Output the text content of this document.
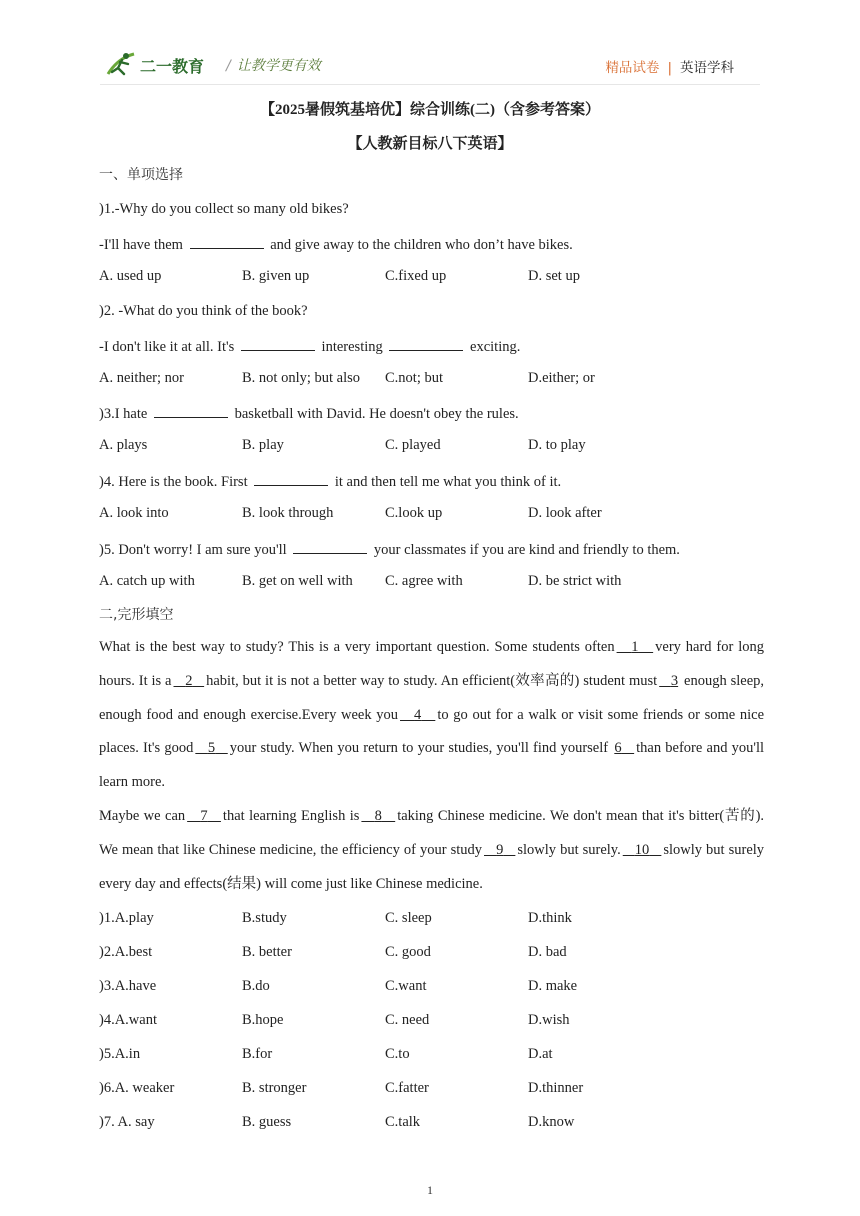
二一教育 / 让教学更有效	精品试卷 | 英语学科
【2025暑假筑基培优】综合训练(二)（含参考答案）
【人教新目标八下英语】
一、单项选择
)1.-Why do you collect so many old bikes?
-I'll have them	and give away to the children who don’t have bikes.
A. used up	B. given up	C.fixed up	D. set up
)2. -What do you think of the book?
-I don't like it at all. It's	interesting	exciting.
A. neither; nor	B. not only; but also C.not; but	D.either; or
)3.I hate	basketball with David. He doesn't obey the rules.
A. plays	B. play	C. played	D. to play
)4. Here is the book. First	it and then tell me what you think of it.
A. look into	B. look through	C.look up	D. look after
)5. Don't worry! I am sure you'll	your classmates if you are kind and friendly to them.
A. catch up with	B. get on well with C. agree with	D. be strict with
二,完形填空
What is the best way to study? This is a very important question. Some students often 1 very hard for long hours. It is a 2 habit, but it is not a better way to study. An efficient(效率高的) student must 3 enough sleep, enough food and enough exercise.Every week you 4 to go out for a walk or visit some friends or some nice places. It's good 5 your study. When you return to your studies, you'll find yourself 6 than before and you'll learn more.
Maybe we can 7 that learning English is 8 taking Chinese medicine. We don't mean that it's bitter(苦的). We mean that like Chinese medicine, the efficiency of your study 9 slowly but surely. 10 slowly but surely every day and effects(结果) will come just like Chinese medicine.
)1.A.play	B.study	C. sleep	D.think
)2.A.best	B. better	C. good	D. bad
)3.A.have	B.do	C.want	D. make
)4.A.want	B.hope	C. need	D.wish
)5.A.in	B.for	C.to	D.at
)6.A. weaker	B. stronger	C.fatter	D.thinner
)7. A. say	B. guess	C.talk	D.know
1
